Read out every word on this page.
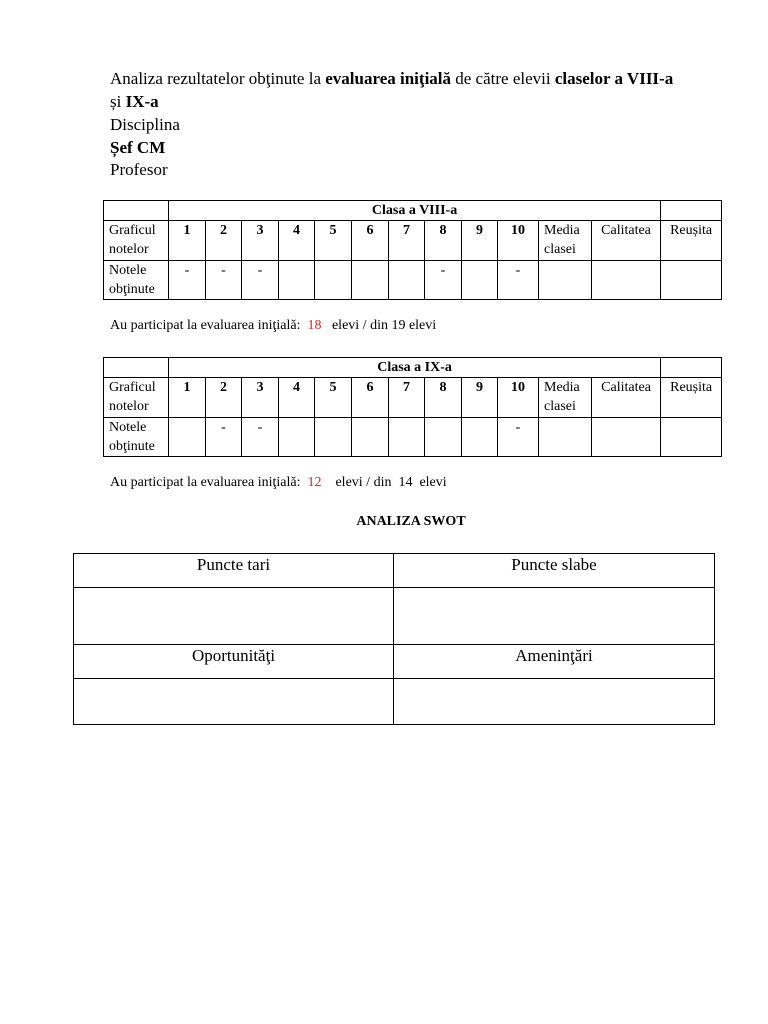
Analiza rezultatelor obţinute la evaluarea iniţială de către elevii claselor a VIII-a
și IX-a
Disciplina
Șef CM
Profesor
	Clasa a VIII-a												
Graficul
notelor	1	2	3	4	5	6	7	8	9	10	Media
clasei	Calitatea	Reușita
Notele
obţinute	-	-	-					-		-			
Au participat la evaluarea iniţială:  18   elevi / din 19 elevi
	Clasa a IX-a												
Graficul
notelor	1	2	3	4	5	6	7	8	9	10	Media
clasei	Calitatea	Reușita
Notele
obţinute		-	-							-			
Au participat la evaluarea iniţială:  12    elevi / din  14  elevi
ANALIZA SWOT
Puncte tari	Puncte slabe

Oportunităţi	Ameninţări
